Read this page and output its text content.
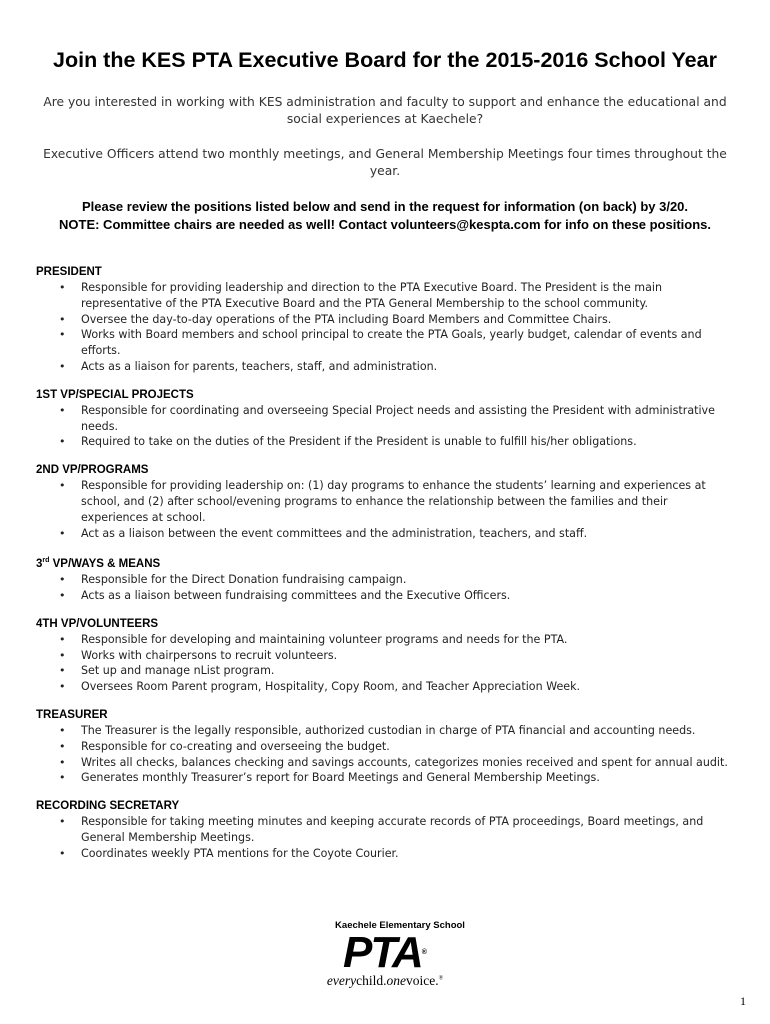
Join the KES PTA Executive Board for the 2015-2016 School Year
Are you interested in working with KES administration and faculty to support and enhance the educational and social experiences at Kaechele?
Executive Officers attend two monthly meetings, and General Membership Meetings four times throughout the year.
Please review the positions listed below and send in the request for information (on back) by 3/20.
NOTE: Committee chairs are needed as well! Contact volunteers@kespta.com for info on these positions.
PRESIDENT
• Responsible for providing leadership and direction to the PTA Executive Board. The President is the main representative of the PTA Executive Board and the PTA General Membership to the school community.
• Oversee the day-to-day operations of the PTA including Board Members and Committee Chairs.
• Works with Board members and school principal to create the PTA Goals, yearly budget, calendar of events and efforts.
• Acts as a liaison for parents, teachers, staff, and administration.
1ST VP/SPECIAL PROJECTS
• Responsible for coordinating and overseeing Special Project needs and assisting the President with administrative needs.
• Required to take on the duties of the President if the President is unable to fulfill his/her obligations.
2ND VP/PROGRAMS
• Responsible for providing leadership on: (1) day programs to enhance the students’ learning and experiences at school, and (2) after school/evening programs to enhance the relationship between the families and their experiences at school.
• Act as a liaison between the event committees and the administration, teachers, and staff.
3rd VP/WAYS & MEANS
• Responsible for the Direct Donation fundraising campaign.
• Acts as a liaison between fundraising committees and the Executive Officers.
4TH VP/VOLUNTEERS
• Responsible for developing and maintaining volunteer programs and needs for the PTA.
• Works with chairpersons to recruit volunteers.
• Set up and manage nList program.
• Oversees Room Parent program, Hospitality, Copy Room, and Teacher Appreciation Week.
TREASURER
• The Treasurer is the legally responsible, authorized custodian in charge of PTA financial and accounting needs.
• Responsible for co-creating and overseeing the budget.
• Writes all checks, balances checking and savings accounts, categorizes monies received and spent for annual audit.
• Generates monthly Treasurer’s report for Board Meetings and General Membership Meetings.
RECORDING SECRETARY
• Responsible for taking meeting minutes and keeping accurate records of PTA proceedings, Board meetings, and General Membership Meetings.
• Coordinates weekly PTA mentions for the Coyote Courier.
Kaechele Elementary School
PTA®
everychild.onevoice.®
1
